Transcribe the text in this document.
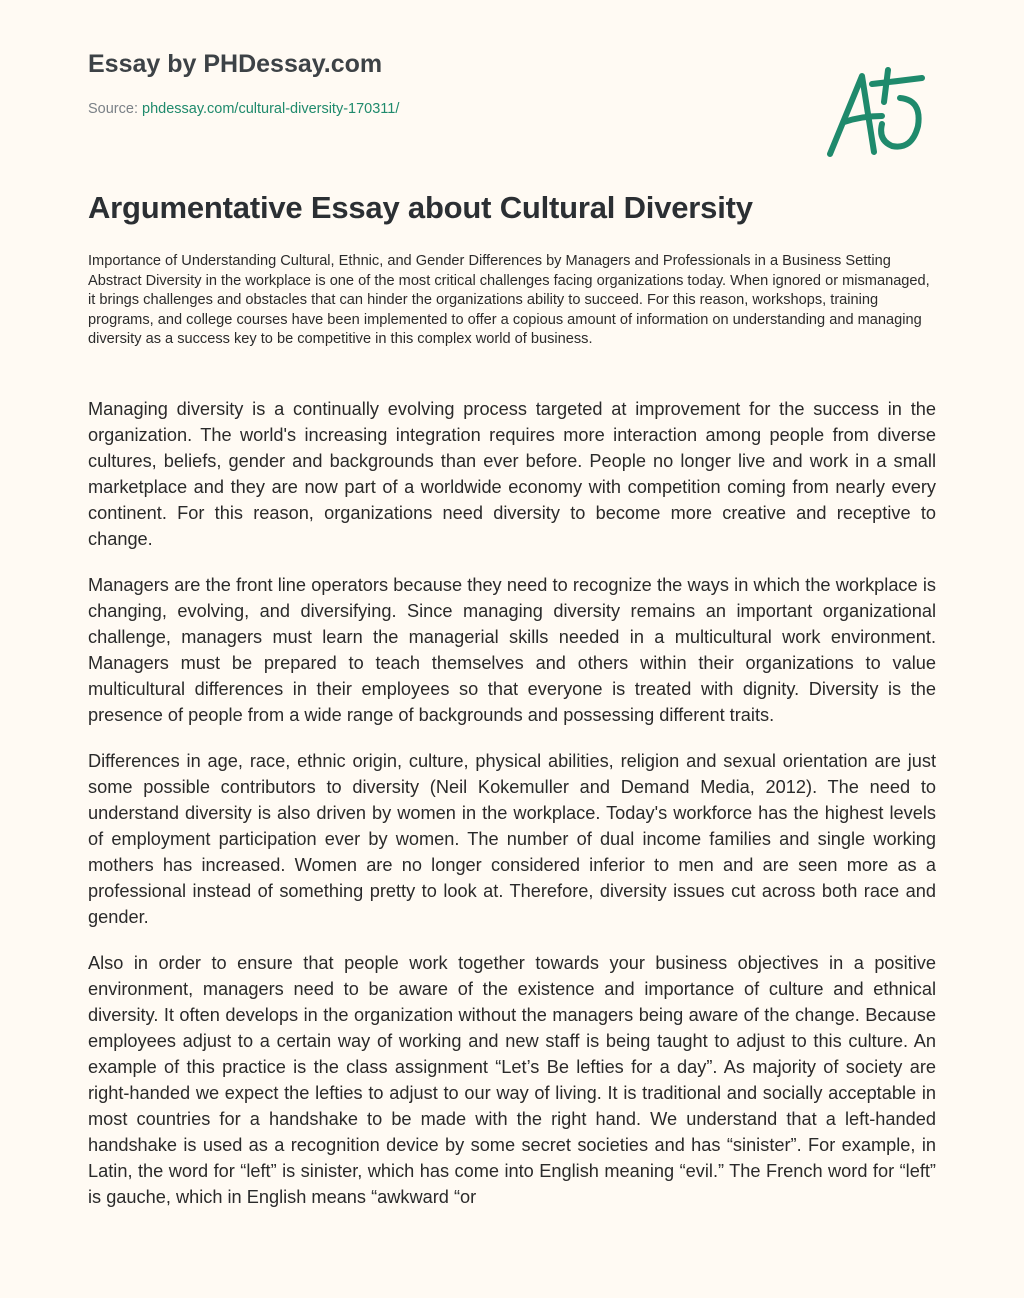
Essay by PHDessay.com
Source: phdessay.com/cultural-diversity-170311/
Argumentative Essay about Cultural Diversity

Importance of Understanding Cultural, Ethnic, and Gender Differences by Managers and Professionals in a Business Setting Abstract Diversity in the workplace is one of the most critical challenges facing organizations today. When ignored or mismanaged, it brings challenges and obstacles that can hinder the organizations ability to succeed. For this reason, workshops, training programs, and college courses have been implemented to offer a copious amount of information on understanding and managing diversity as a success key to be competitive in this complex world of business.

Managing diversity is a continually evolving process targeted at improvement for the success in the organization. The world's increasing integration requires more interaction among people from diverse cultures, beliefs, gender and backgrounds than ever before. People no longer live and work in a small marketplace and they are now part of a worldwide economy with competition coming from nearly every continent. For this reason, organizations need diversity to become more creative and receptive to change.

Managers are the front line operators because they need to recognize the ways in which the workplace is changing, evolving, and diversifying. Since managing diversity remains an important organizational challenge, managers must learn the managerial skills needed in a multicultural work environment. Managers must be prepared to teach themselves and others within their organizations to value multicultural differences in their employees so that everyone is treated with dignity. Diversity is the presence of people from a wide range of backgrounds and possessing different traits.

Differences in age, race, ethnic origin, culture, physical abilities, religion and sexual orientation are just some possible contributors to diversity (Neil Kokemuller and Demand Media, 2012). The need to understand diversity is also driven by women in the workplace. Today's workforce has the highest levels of employment participation ever by women. The number of dual income families and single working mothers has increased. Women are no longer considered inferior to men and are seen more as a professional instead of something pretty to look at. Therefore, diversity issues cut across both race and gender.

Also in order to ensure that people work together towards your business objectives in a positive environment, managers need to be aware of the existence and importance of culture and ethnical diversity. It often develops in the organization without the managers being aware of the change. Because employees adjust to a certain way of working and new staff is being taught to adjust to this culture. An example of this practice is the class assignment “Let’s Be lefties for a day”. As majority of society are right-handed we expect the lefties to adjust to our way of living. It is traditional and socially acceptable in most countries for a handshake to be made with the right hand. We understand that a left-handed handshake is used as a recognition device by some secret societies and has “sinister”. For example, in Latin, the word for “left” is sinister, which has come into English meaning “evil.” The French word for “left” is gauche, which in English means “awkward “or
